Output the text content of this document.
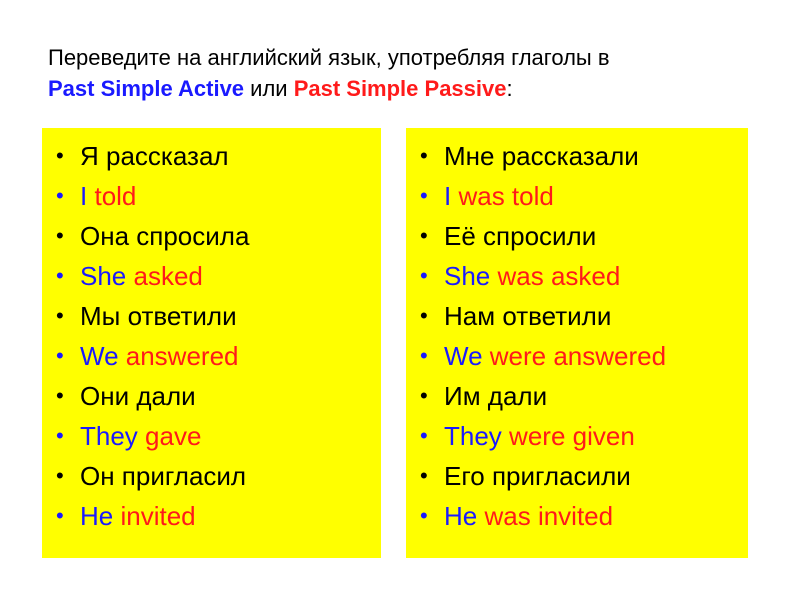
Переведите на английский язык, употребляя глаголы в
Past Simple Active или Past Simple Passive:
• Я рассказал
• I told
• Она спросила
• She asked
• Мы ответили
• We answered
• Они дали
• They gave
• Он пригласил
• He invited
• Мне рассказали
• I was told
• Её спросили
• She was asked
• Нам ответили
• We were answered
• Им дали
• They were given
• Его пригласили
• He was invited
